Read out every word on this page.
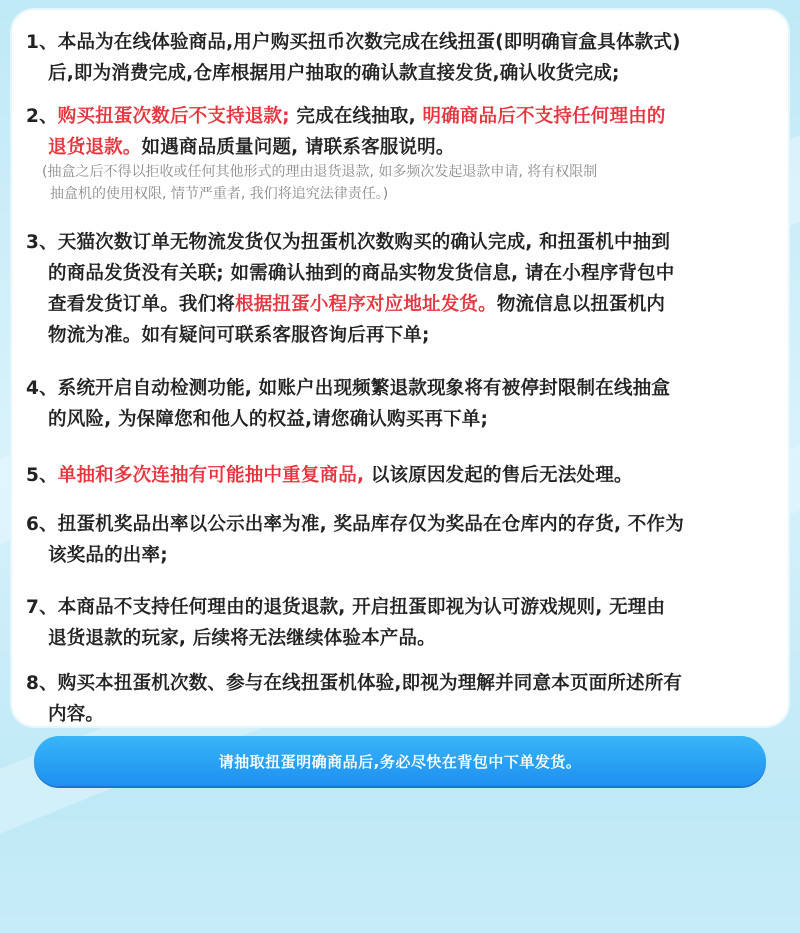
1、本品为在线体验商品,用户购买扭币次数完成在线扭蛋(即明确盲盒具体款式)
后,即为消费完成,仓库根据用户抽取的确认款直接发货,确认收货完成;
2、购买扭蛋次数后不支持退款; 完成在线抽取, 明确商品后不支持任何理由的
退货退款。如遇商品质量问题, 请联系客服说明。
(抽盒之后不得以拒收或任何其他形式的理由退货退款, 如多频次发起退款申请, 将有权限制
抽盒机的使用权限, 情节严重者, 我们将追究法律责任。)
3、天猫次数订单无物流发货仅为扭蛋机次数购买的确认完成, 和扭蛋机中抽到
的商品发货没有关联; 如需确认抽到的商品实物发货信息, 请在小程序背包中
查看发货订单。我们将根据扭蛋小程序对应地址发货。物流信息以扭蛋机内
物流为准。如有疑问可联系客服咨询后再下单;
4、系统开启自动检测功能, 如账户出现频繁退款现象将有被停封限制在线抽盒
的风险, 为保障您和他人的权益,请您确认购买再下单;
5、单抽和多次连抽有可能抽中重复商品, 以该原因发起的售后无法处理。
6、扭蛋机奖品出率以公示出率为准, 奖品库存仅为奖品在仓库内的存货, 不作为
该奖品的出率;
7、本商品不支持任何理由的退货退款, 开启扭蛋即视为认可游戏规则, 无理由
退货退款的玩家, 后续将无法继续体验本产品。
8、购买本扭蛋机次数、参与在线扭蛋机体验,即视为理解并同意本页面所述所有
内容。
请抽取扭蛋明确商品后,务必尽快在背包中下单发货。
